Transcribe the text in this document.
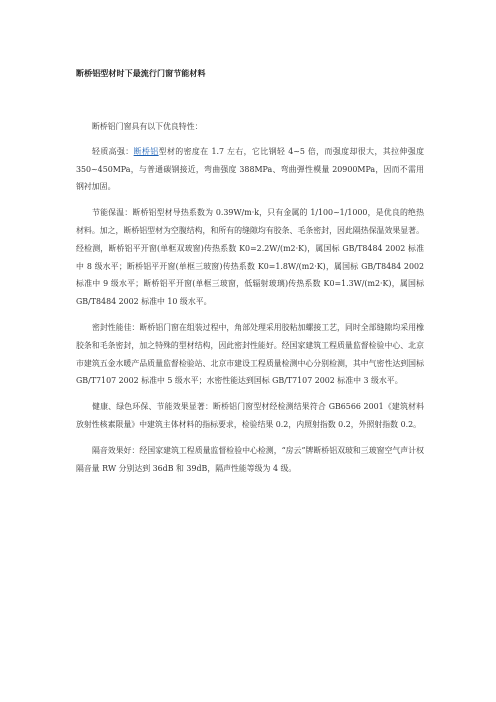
断桥铝型材时下最流行门窗节能材料

断桥铝门窗具有以下优良特性：

轻质高强：断桥铝型材的密度在 1.7 左右，它比钢轻 4~5 倍，而强度却很大，其拉伸强度 350~450MPa，与普通碳钢接近，弯曲强度 388MPa、弯曲弹性模量 20900MPa，因而不需用钢衬加固。

节能保温：断桥铝型材导热系数为 0.39W/m·k，只有金属的 1/100~1/1000，是优良的绝热材料。加之，断桥铝型材为空腹结构，和所有的缝隙均有胶条、毛条密封，因此隔热保温效果显著。经检测，断桥铝平开窗(单框双玻窗)传热系数 K0=2.2W/(m2·K)，属国标 GB/T8484 2002 标准中 8 级水平；断桥铝平开窗(单框三玻窗)传热系数 K0=1.8W/(m2·K)，属国标 GB/T8484 2002 标准中 9 级水平；断桥铝平开窗(单框三玻窗，低辐射玻璃)传热系数 K0=1.3W/(m2·K)，属国标 GB/T8484 2002 标准中 10 级水平。

密封性能佳：断桥铝门窗在组装过程中，角部处理采用胶粘加螺接工艺，同时全部缝隙均采用橡胶条和毛条密封，加之特殊的型材结构，因此密封性能好。经国家建筑工程质量监督检验中心、北京市建筑五金水暖产品质量监督检验站、北京市建设工程质量检测中心分别检测，其中气密性达到国标 GB/T7107 2002 标准中 5 级水平；水密性能达到国标 GB/T7107 2002 标准中 3 级水平。

健康、绿色环保、节能效果显著：断桥铝门窗型材经检测结果符合 GB6566 2001《建筑材料放射性核素限量》中建筑主体材料的指标要求，检验结果 0.2，内照射指数 0.2，外照射指数 0.2。

隔音效果好：经国家建筑工程质量监督检验中心检测，“房云”牌断桥铝双玻和三玻窗空气声计权隔音量 RW 分别达到 36dB 和 39dB，隔声性能等级为 4 级。
